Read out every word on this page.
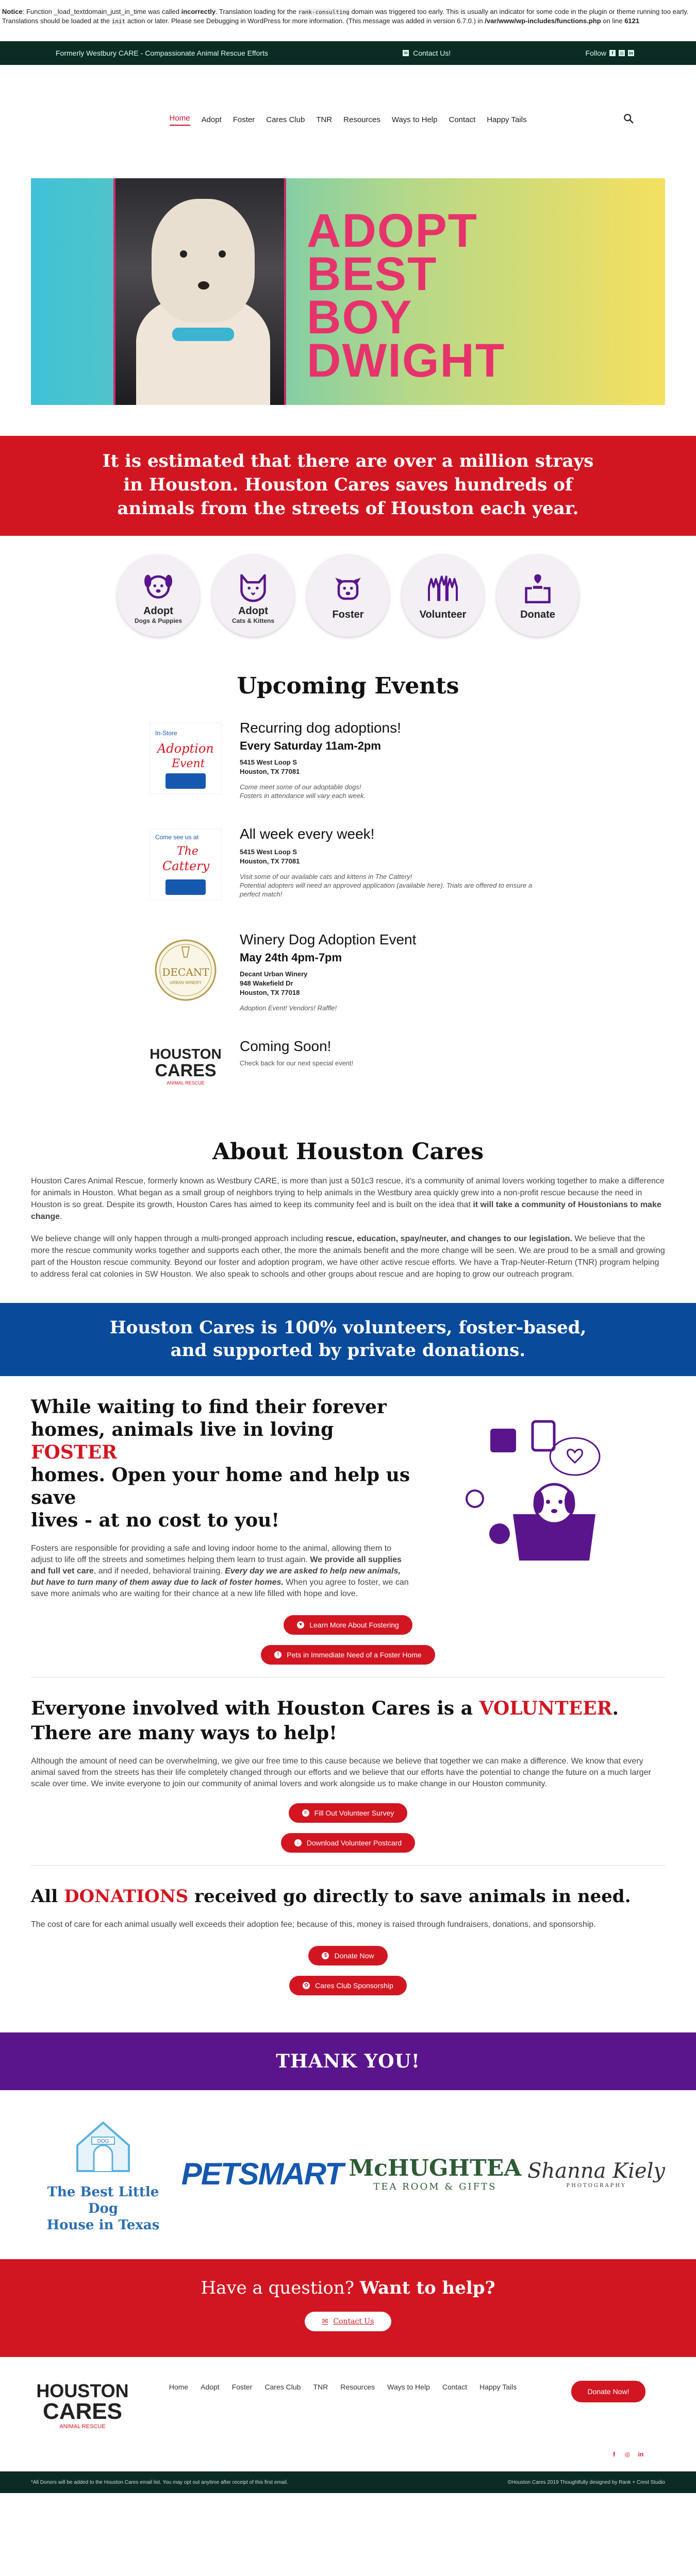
Notice: Function _load_textdomain_just_in_time was called incorrectly. Translation loading for the rank-consulting domain was triggered too early. This is usually an indicator for some code in the plugin or theme running too early. Translations should be loaded at the init action or later. Please see Debugging in WordPress for more information. (This message was added in version 6.7.0.) in /var/www/wp-includes/functions.php on line 6121
Formerly Westbury CARE - Compassionate Animal Rescue Efforts	✉ Contact Us!	Follow	f	◎ in
Home Adopt Foster Cares Club TNR Resources Ways to Help Contact Happy Tails
ADOPT
BEST
BOY
DWIGHT
It is estimated that there are over a million strays
in Houston. Houston Cares saves hundreds of
animals from the streets of Houston each year.
Adopt
Dogs & Puppies
Adopt
Cats & Kittens
Foster	Volunteer	Donate
Upcoming Events
In-Store
Adoption
Event
Recurring dog adoptions!
Every Saturday 11am-2pm
5415 West Loop S
Houston, TX 77081
Come meet some of our adoptable dogs!
Fosters in attendance will vary each week.
Come see us at
The
Cattery
All week every week!
5415 West Loop S
Houston, TX 77081
Visit some of our available cats and kittens in The Cattery!
Potential adopters will need an approved application (available here). Trials are offered to ensure a perfect match!
DECANT
URBAN WINERY
Winery Dog Adoption Event
May 24th 4pm-7pm
Decant Urban Winery
948 Wakefield Dr
Houston, TX 77018
Adoption Event! Vendors! Raffle!
HOUSTON
CARES
ANIMAL RESCUE
Coming Soon!
Check back for our next special event!
About Houston Cares

Houston Cares Animal Rescue, formerly known as Westbury CARE, is more than just a 501c3 rescue, it's a community of animal lovers working together to make a difference for animals in Houston. What began as a small group of neighbors trying to help animals in the Westbury area quickly grew into a non-profit rescue because the need in Houston is so great. Despite its growth, Houston Cares has aimed to keep its community feel and is built on the idea that it will take a community of Houstonians to make change.

We believe change will only happen through a multi-pronged approach including rescue, education, spay/neuter, and changes to our legislation. We believe that the more the rescue community works together and supports each other, the more the animals benefit and the more change will be seen. We are proud to be a small and growing part of the Houston rescue community. Beyond our foster and adoption program, we have other active rescue efforts. We have a Trap-Neuter-Return (TNR) program helping to address feral cat colonies in SW Houston. We also speak to schools and other groups about rescue and are hoping to grow our outreach program.

Houston Cares is 100% volunteers, foster-based,
and supported by private donations.
While waiting to find their forever
homes, animals live in loving FOSTER
homes. Open your home and help us save
lives - at no cost to you!

Fosters are responsible for providing a safe and loving indoor home to the animal, allowing them to adjust to life off the streets and sometimes helping them learn to trust again. We provide all supplies and full vet care, and if needed, behavioral training. Every day we are asked to help new animals, but have to turn many of them away due to lack of foster homes. When you agree to foster, we can save more animals who are waiting for their chance at a new life filled with hope and love.

♥ Learn More About Fostering
!	Pets in Immediate Need of a Foster Home
Everyone involved with Houston Cares is a VOLUNTEER.
There are many ways to help!

Although the amount of need can be overwhelming, we give our free time to this cause because we believe that together we can make a difference. We know that every animal saved from the streets has their life completely changed through our efforts and we believe that our efforts have the potential to change the future on a much larger scale over time. We invite everyone to join our community of animal lovers and work alongside us to make change in our Houston community.

≡ Fill Out Volunteer Survey
↓	Download Volunteer Postcard
All DONATIONS received go directly to save animals in need.

The cost of care for each animal usually well exceeds their adoption fee; because of this, money is raised through fundraisers, donations, and sponsorship.

$	Donate Now
✿ Cares Club Sponsorship
THANK YOU!
DOG
The Best Little Dog
House in Texas
PETSMART McHUGHTEA
TEA ROOM & GIFTS
Shanna Kiely
PHOTOGRAPHY
Have a question? Want to help?
✉ Contact Us
HOUSTON
CARES
ANIMAL RESCUE
Home Adopt Foster Cares Club TNR Resources Ways to Help Contact Happy Tails
Donate Now!
f	◎ in
*All Donors will be added to the Houston Cares email list. You may opt out anytime after receipt of this first email.	©Houston Cares 2019 Thoughtfully designed by Rank + Crest Studio
